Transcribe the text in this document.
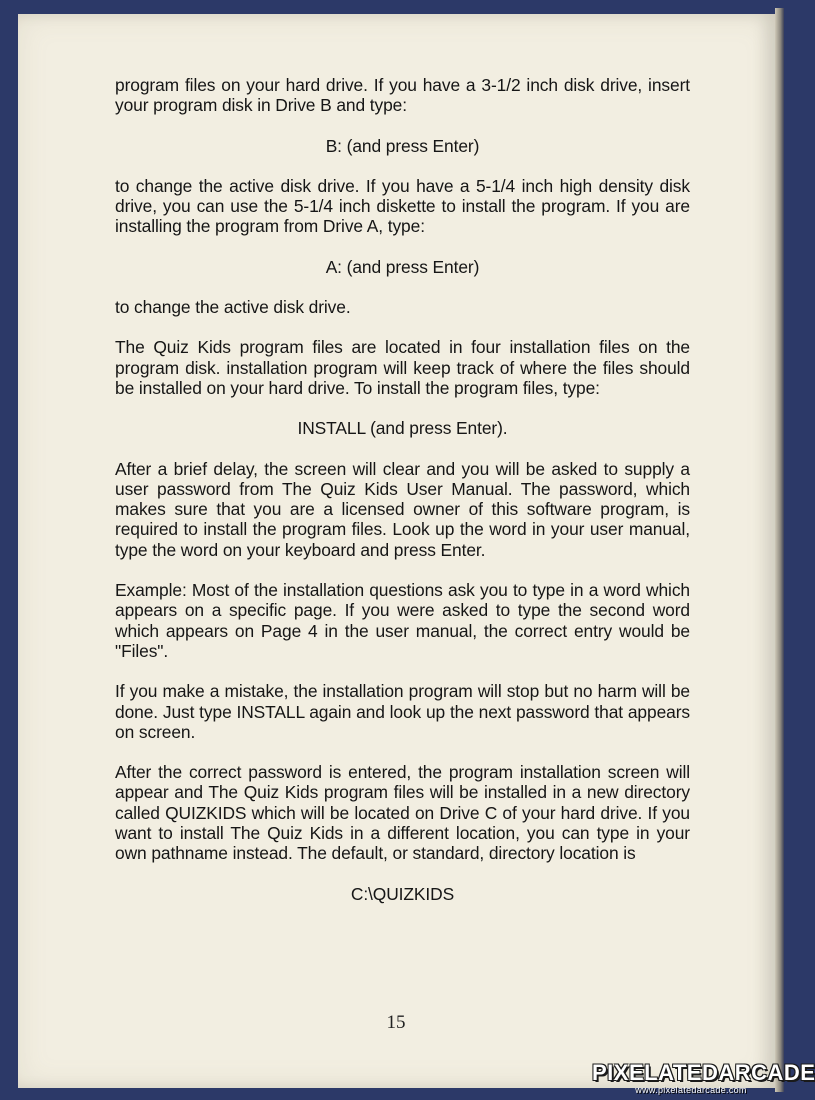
program files on your hard drive. If you have a 3-1/2 inch disk drive, insert your program disk in Drive B and type:

B: (and press Enter)

to change the active disk drive. If you have a 5-1/4 inch high density disk drive, you can use the 5-1/4 inch diskette to install the program. If you are installing the program from Drive A, type:

A: (and press Enter)

to change the active disk drive.

The Quiz Kids program files are located in four installation files on the program disk. installation program will keep track of where the files should be installed on your hard drive. To install the program files, type:

INSTALL (and press Enter).

After a brief delay, the screen will clear and you will be asked to supply a user password from The Quiz Kids User Manual. The password, which makes sure that you are a licensed owner of this software program, is required to install the program files. Look up the word in your user manual, type the word on your keyboard and press Enter.

Example: Most of the installation questions ask you to type in a word which appears on a specific page. If you were asked to type the second word which appears on Page 4 in the user manual, the correct entry would be "Files".

If you make a mistake, the installation program will stop but no harm will be done. Just type INSTALL again and look up the next password that appears on screen.

After the correct password is entered, the program installation screen will appear and The Quiz Kids program files will be installed in a new directory called QUIZKIDS which will be located on Drive C of your hard drive. If you want to install The Quiz Kids in a different location, you can type in your own pathname instead. The default, or standard, directory location is

C:\QUIZKIDS

15
PIXELATEDARCADE
www.pixelatedarcade.com
